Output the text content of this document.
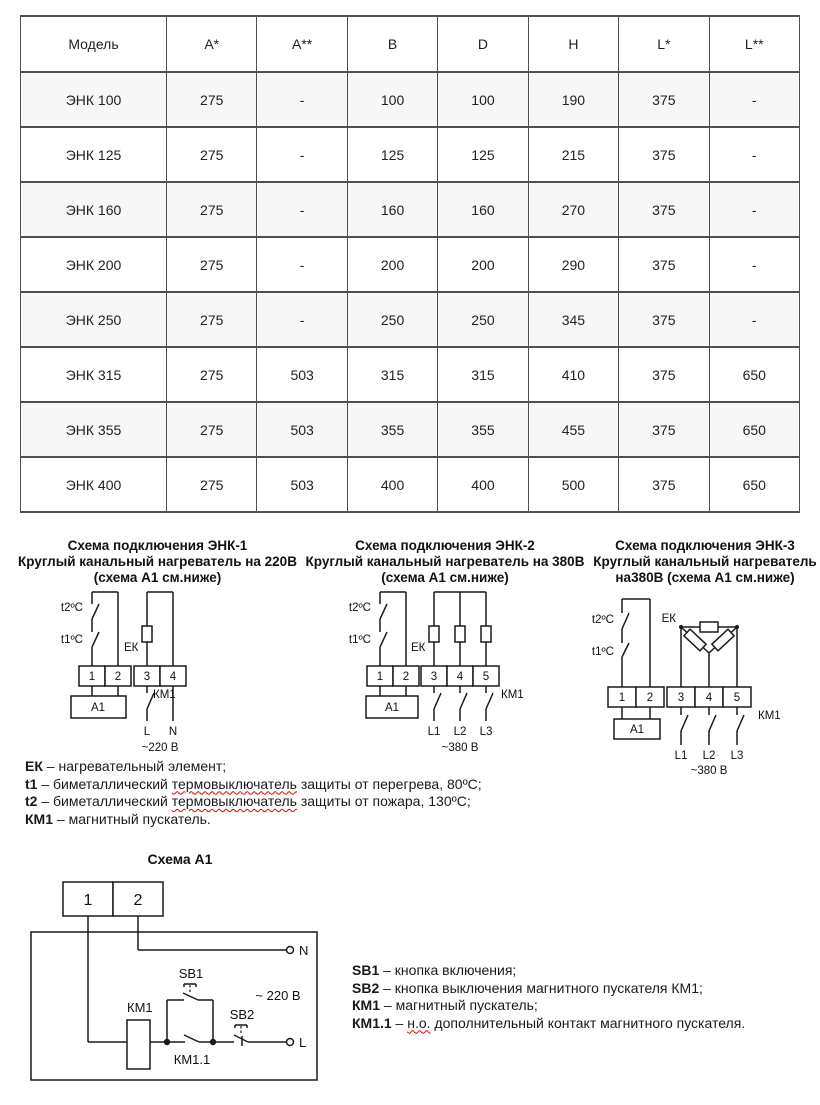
Модель	А*	А**	В	D	Н	L*	L**
ЭНК 100	275	-	100	100	190	375	-
ЭНК 125	275	-	125	125	215	375	-
ЭНК 160	275	-	160	160	270	375	-
ЭНК 200	275	-	200	200	290	375	-
ЭНК 250	275	-	250	250	345	375	-
ЭНК 315	275	503	315	315	410	375	650
ЭНК 355	275	503	355	355	455	375	650
ЭНК 400	275	503	400	400	500	375	650
Схема подключения ЭНК-1
Круглый канальный нагреватель на 220В
(схема А1 см.ниже)
t2ºC
t1ºC
ЕК
1 2 3 4
А1
КМ1
L N
~220 В
Схема подключения ЭНК-2
Круглый канальный нагреватель на 380В
(схема А1 см.ниже)
t2ºC
t1ºC
ЕК
1 2 3 4 5
А1
КМ1
L1 L2 L3
~380 В
Схема подключения ЭНК-3
Круглый канальный нагреватель
на380В (схема А1 см.ниже)
t2ºC
t1ºC
ЕК
1 2 3 4 5
А1
КМ1
L1 L2 L3
~380 В
ЕК – нагревательный элемент;
t1 – биметаллический термовыключатель защиты от перегрева, 80ºС;
t2 – биметаллический термовыключатель защиты от пожара, 130ºС;
КМ1 – магнитный пускатель.
Схема А1
1	2
N
L
~ 220 В
КМ1
SB1
SB2
КМ1.1
SB1 – кнопка включения;
SB2 – кнопка выключения магнитного пускателя КМ1;
КМ1 – магнитный пускатель;
КМ1.1 – н.о. дополнительный контакт магнитного пускателя.
